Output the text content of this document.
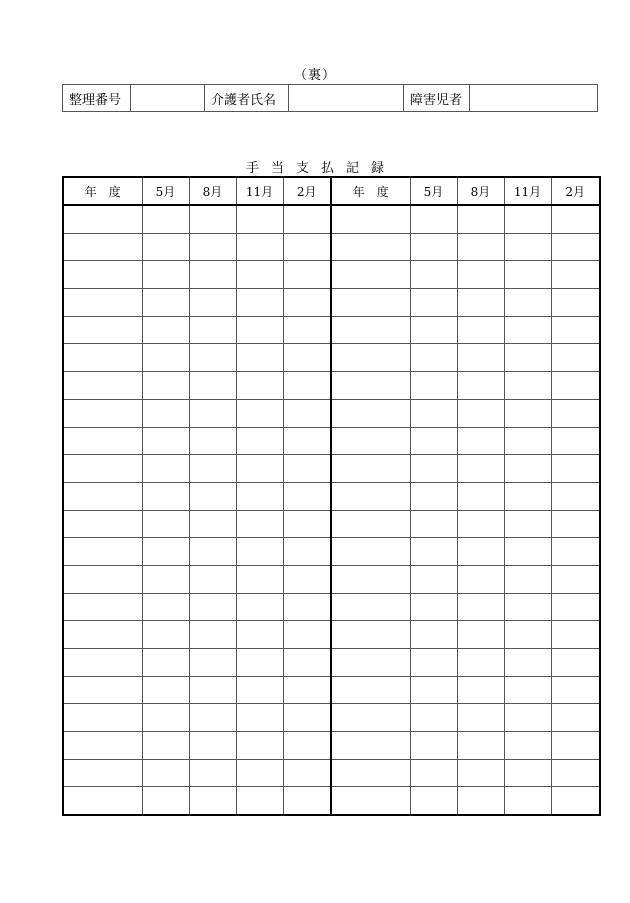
（裏）
整理番号		介護者氏名		障害児者	
手当支払記録
年　度	5月	8月	11月	2月	年　度	5月	8月	11月	2月
